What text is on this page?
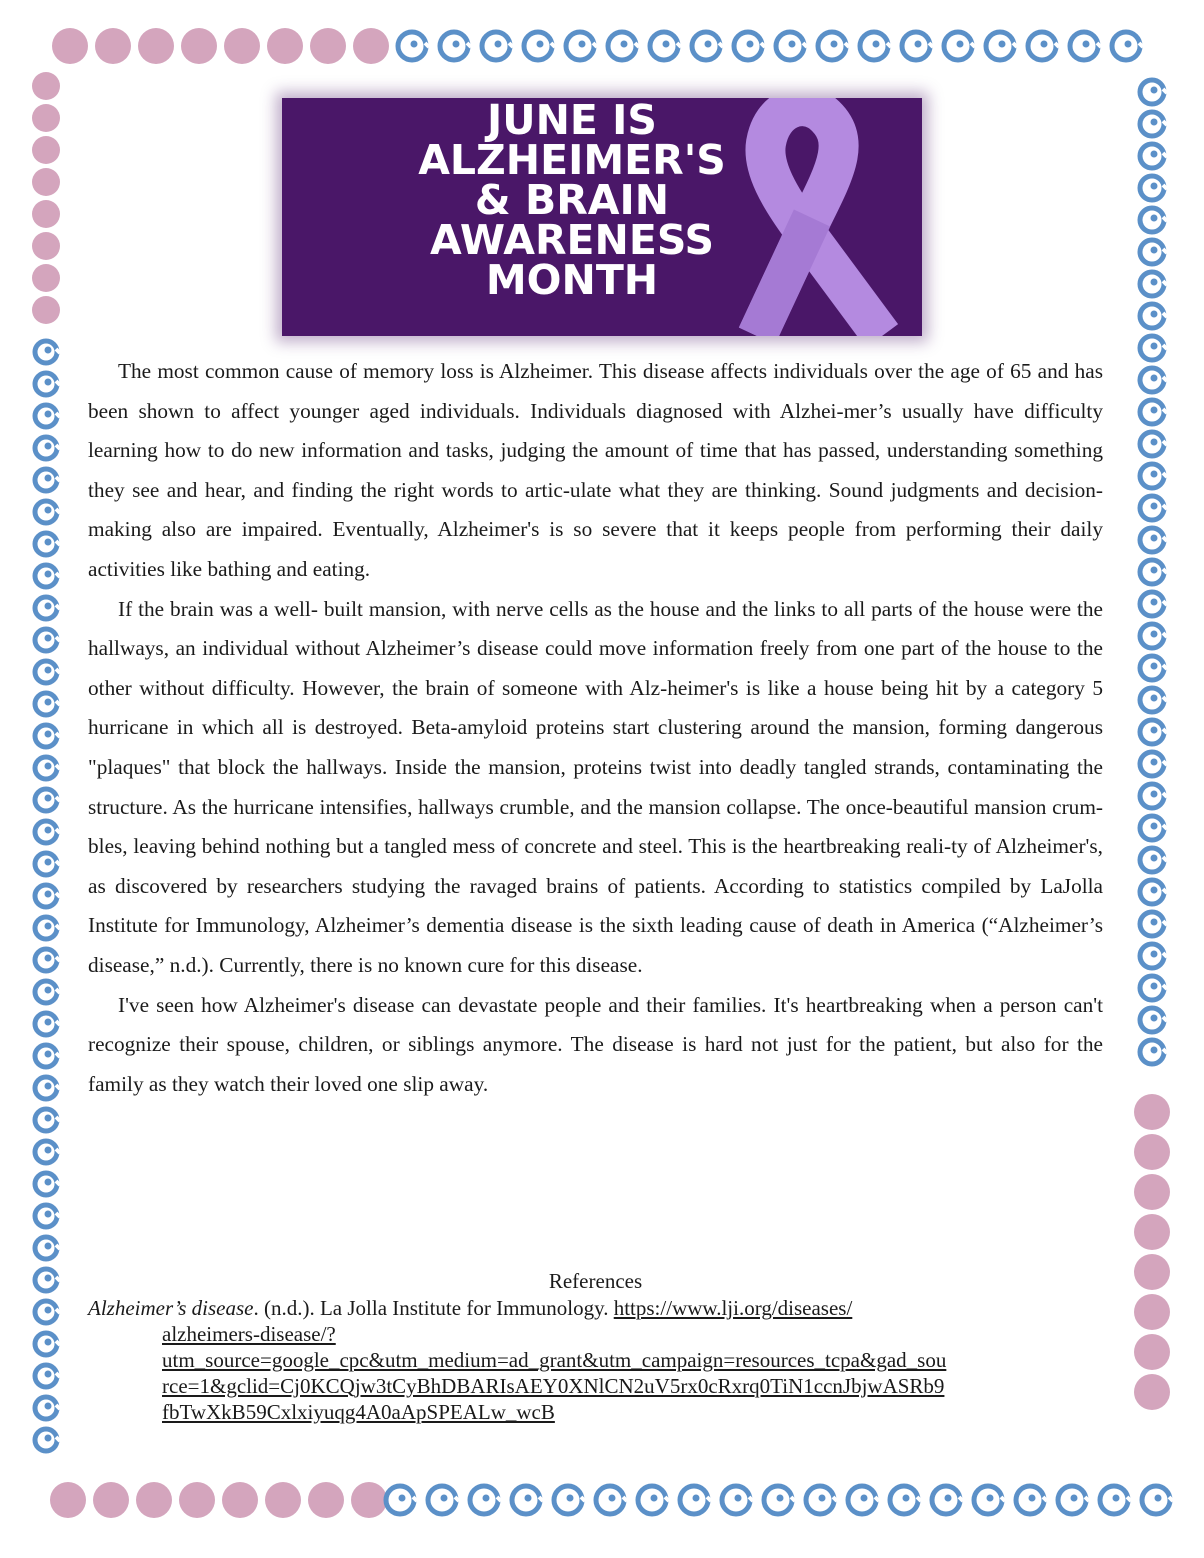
JUNE IS
ALZHEIMER'S
& BRAIN
AWARENESS
MONTH

The most common cause of memory loss is Alzheimer. This disease affects individuals over the age of 65 and has been shown to affect younger aged individuals. Individuals diagnosed with Alzhei-mer’s usually have difficulty learning how to do new information and tasks, judging the amount of time that has passed, understanding something they see and hear, and finding the right words to artic-ulate what they are thinking. Sound judgments and decision-making also are impaired. Eventually, Alzheimer's is so severe that it keeps people from performing their daily activities like bathing and eating.

If the brain was a well- built mansion, with nerve cells as the house and the links to all parts of the house were the hallways, an individual without Alzheimer’s disease could move information freely from one part of the house to the other without difficulty. However, the brain of someone with Alz-heimer's is like a house being hit by a category 5 hurricane in which all is destroyed. Beta-amyloid proteins start clustering around the mansion, forming dangerous "plaques" that block the hallways. Inside the mansion, proteins twist into deadly tangled strands, contaminating the structure. As the hurricane intensifies, hallways crumble, and the mansion collapse. The once-beautiful mansion crum-bles, leaving behind nothing but a tangled mess of concrete and steel. This is the heartbreaking reali-ty of Alzheimer's, as discovered by researchers studying the ravaged brains of patients. According to statistics compiled by LaJolla Institute for Immunology, Alzheimer’s dementia disease is the sixth leading cause of death in America (“Alzheimer’s disease,” n.d.). Currently, there is no known cure for this disease.

I've seen how Alzheimer's disease can devastate people and their families. It's heartbreaking when a person can't recognize their spouse, children, or siblings anymore. The disease is hard not just for the patient, but also for the family as they watch their loved one slip away.

References
Alzheimer’s disease. (n.d.). La Jolla Institute for Immunology. https://www.lji.org/diseases/
alzheimers-disease/?
utm_source=google_cpc&utm_medium=ad_grant&utm_campaign=resources_tcpa&gad_sou
rce=1&gclid=Cj0KCQjw3tCyBhDBARIsAEY0XNlCN2uV5rx0cRxrq0TiN1ccnJbjwASRb9
fbTwXkB59Cxlxiyuqg4A0aApSPEALw_wcB
